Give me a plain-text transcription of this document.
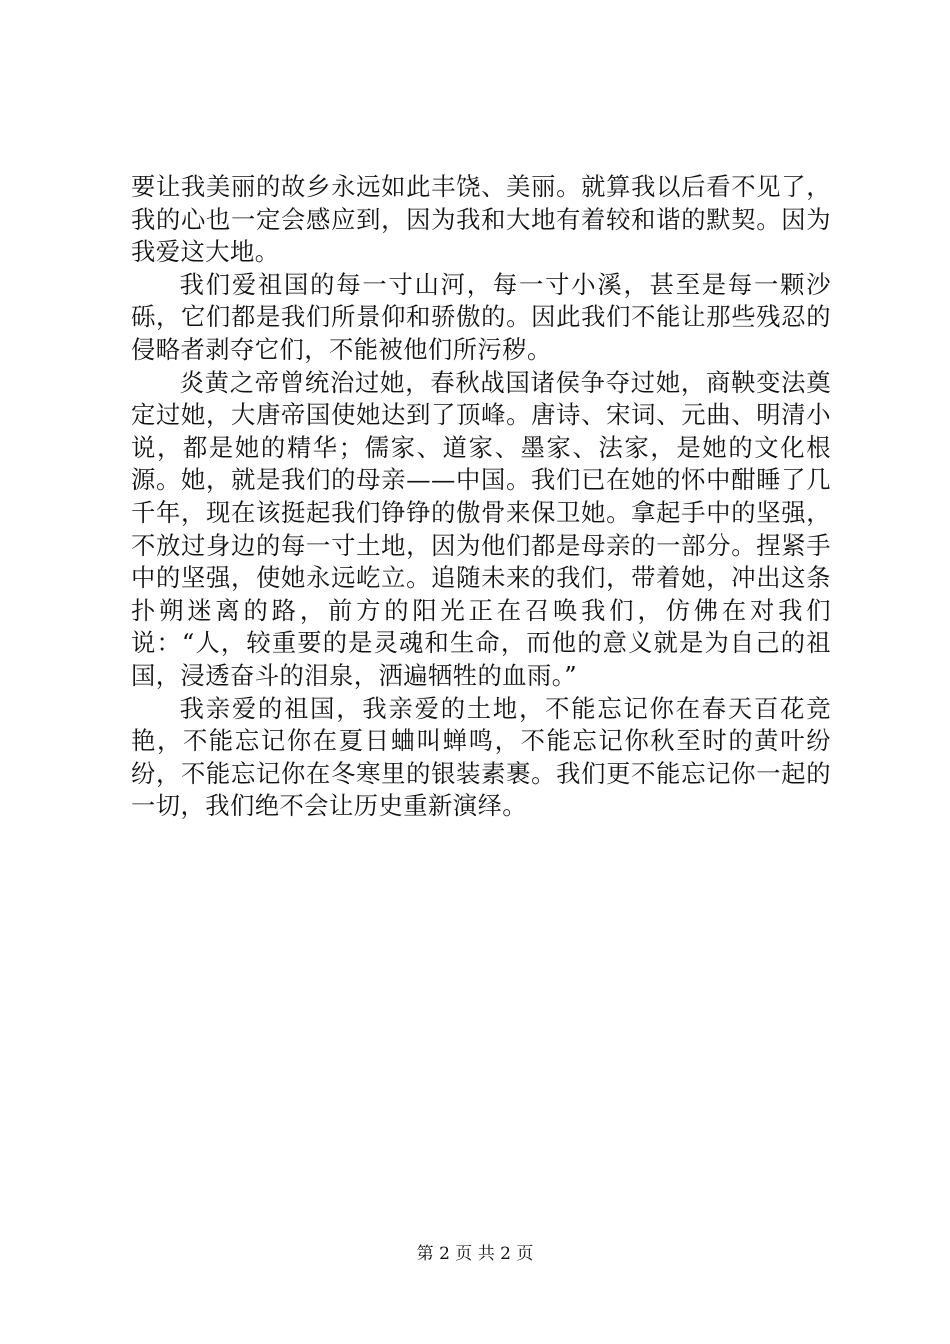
要让我美丽的故乡永远如此丰饶、美丽。就算我以后看不见了，我的心也一定会感应到，因为我和大地有着较和谐的默契。因为我爱这大地。

我们爱祖国的每一寸山河，每一寸小溪，甚至是每一颗沙砾，它们都是我们所景仰和骄傲的。因此我们不能让那些残忍的侵略者剥夺它们，不能被他们所污秽。

炎黄之帝曾统治过她，春秋战国诸侯争夺过她，商鞅变法奠定过她，大唐帝国使她达到了顶峰。唐诗、宋词、元曲、明清小说，都是她的精华；儒家、道家、墨家、法家，是她的文化根源。她，就是我们的母亲——中国。我们已在她的怀中酣睡了几千年，现在该挺起我们铮铮的傲骨来保卫她。拿起手中的坚强，不放过身边的每一寸土地，因为他们都是母亲的一部分。捏紧手中的坚强，使她永远屹立。追随未来的我们，带着她，冲出这条扑朔迷离的路，前方的阳光正在召唤我们，仿佛在对我们说：“人，较重要的是灵魂和生命，而他的意义就是为自己的祖国，浸透奋斗的泪泉，洒遍牺牲的血雨。”

我亲爱的祖国，我亲爱的土地，不能忘记你在春天百花竞艳，不能忘记你在夏日蛐叫蝉鸣，不能忘记你秋至时的黄叶纷纷，不能忘记你在冬寒里的银装素裹。我们更不能忘记你一起的一切，我们绝不会让历史重新演绎。

第 2 页 共 2 页
